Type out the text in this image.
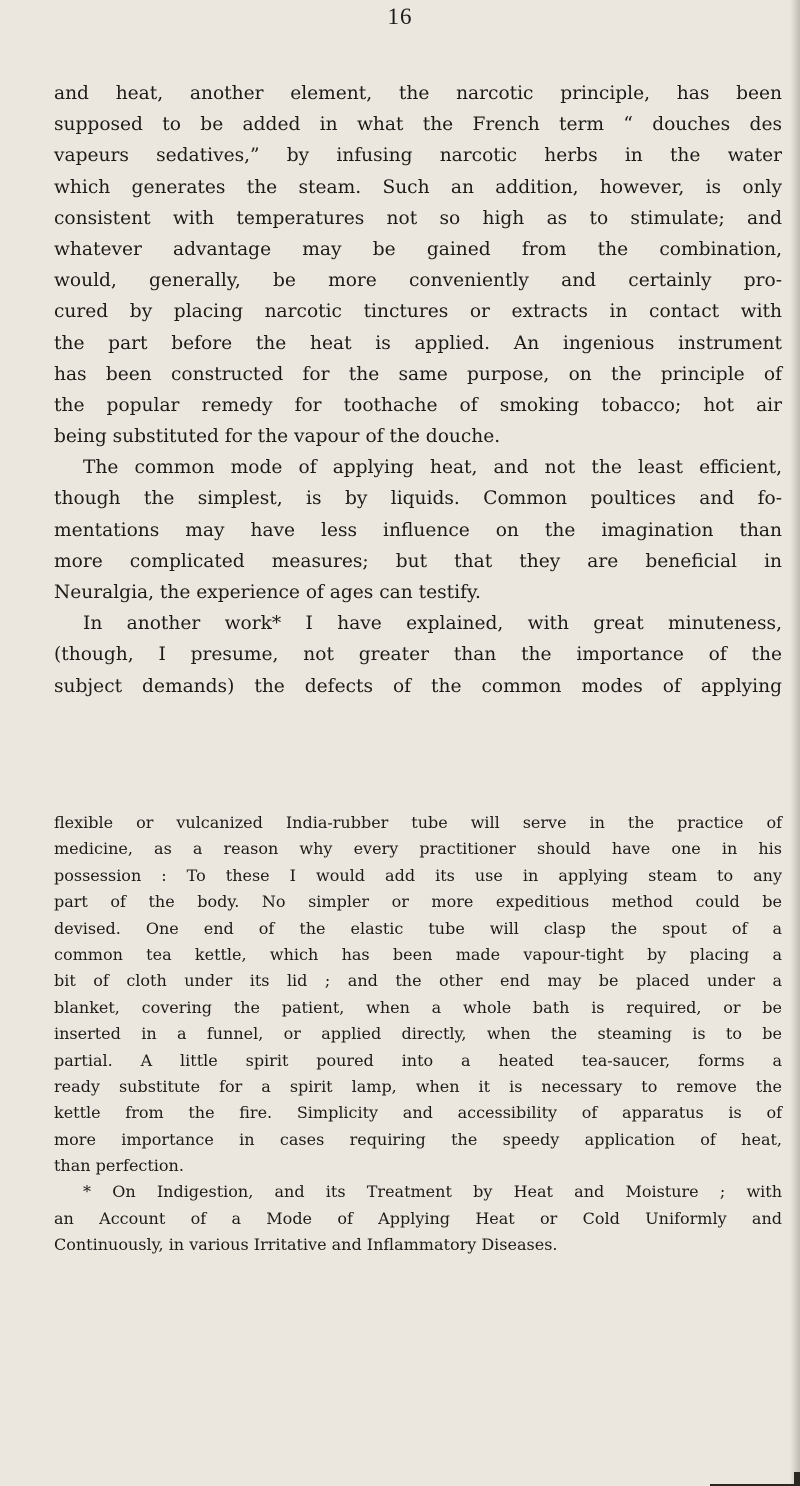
16
and heat, another element, the narcotic principle, has been
supposed to be added in what the French term “ douches des
vapeurs sedatives,” by infusing narcotic herbs in the water
which generates the steam. Such an addition, however, is only
consistent with temperatures not so high as to stimulate; and
whatever advantage may be gained from the combination,
would, generally, be more conveniently and certainly pro-
cured by placing narcotic tinctures or extracts in contact with
the part before the heat is applied. An ingenious instrument
has been constructed for the same purpose, on the principle of
the popular remedy for toothache of smoking tobacco; hot air
being substituted for the vapour of the douche.
The common mode of applying heat, and not the least efficient,
though the simplest, is by liquids. Common poultices and fo-
mentations may have less influence on the imagination than
more complicated measures; but that they are beneficial in
Neuralgia, the experience of ages can testify.
In another work* I have explained, with great minuteness,
(though, I presume, not greater than the importance of the
subject demands) the defects of the common modes of applying
flexible or vulcanized India-rubber tube will serve in the practice of
medicine, as a reason why every practitioner should have one in his
possession : To these I would add its use in applying steam to any
part of the body. No simpler or more expeditious method could be
devised. One end of the elastic tube will clasp the spout of a
common tea kettle, which has been made vapour-tight by placing a
bit of cloth under its lid ; and the other end may be placed under a
blanket, covering the patient, when a whole bath is required, or be
inserted in a funnel, or applied directly, when the steaming is to be
partial. A little spirit poured into a heated tea-saucer, forms a
ready substitute for a spirit lamp, when it is necessary to remove the
kettle from the fire. Simplicity and accessibility of apparatus is of
more importance in cases requiring the speedy application of heat,
than perfection.
* On Indigestion, and its Treatment by Heat and Moisture ; with
an Account of a Mode of Applying Heat or Cold Uniformly and
Continuously, in various Irritative and Inflammatory Diseases.
